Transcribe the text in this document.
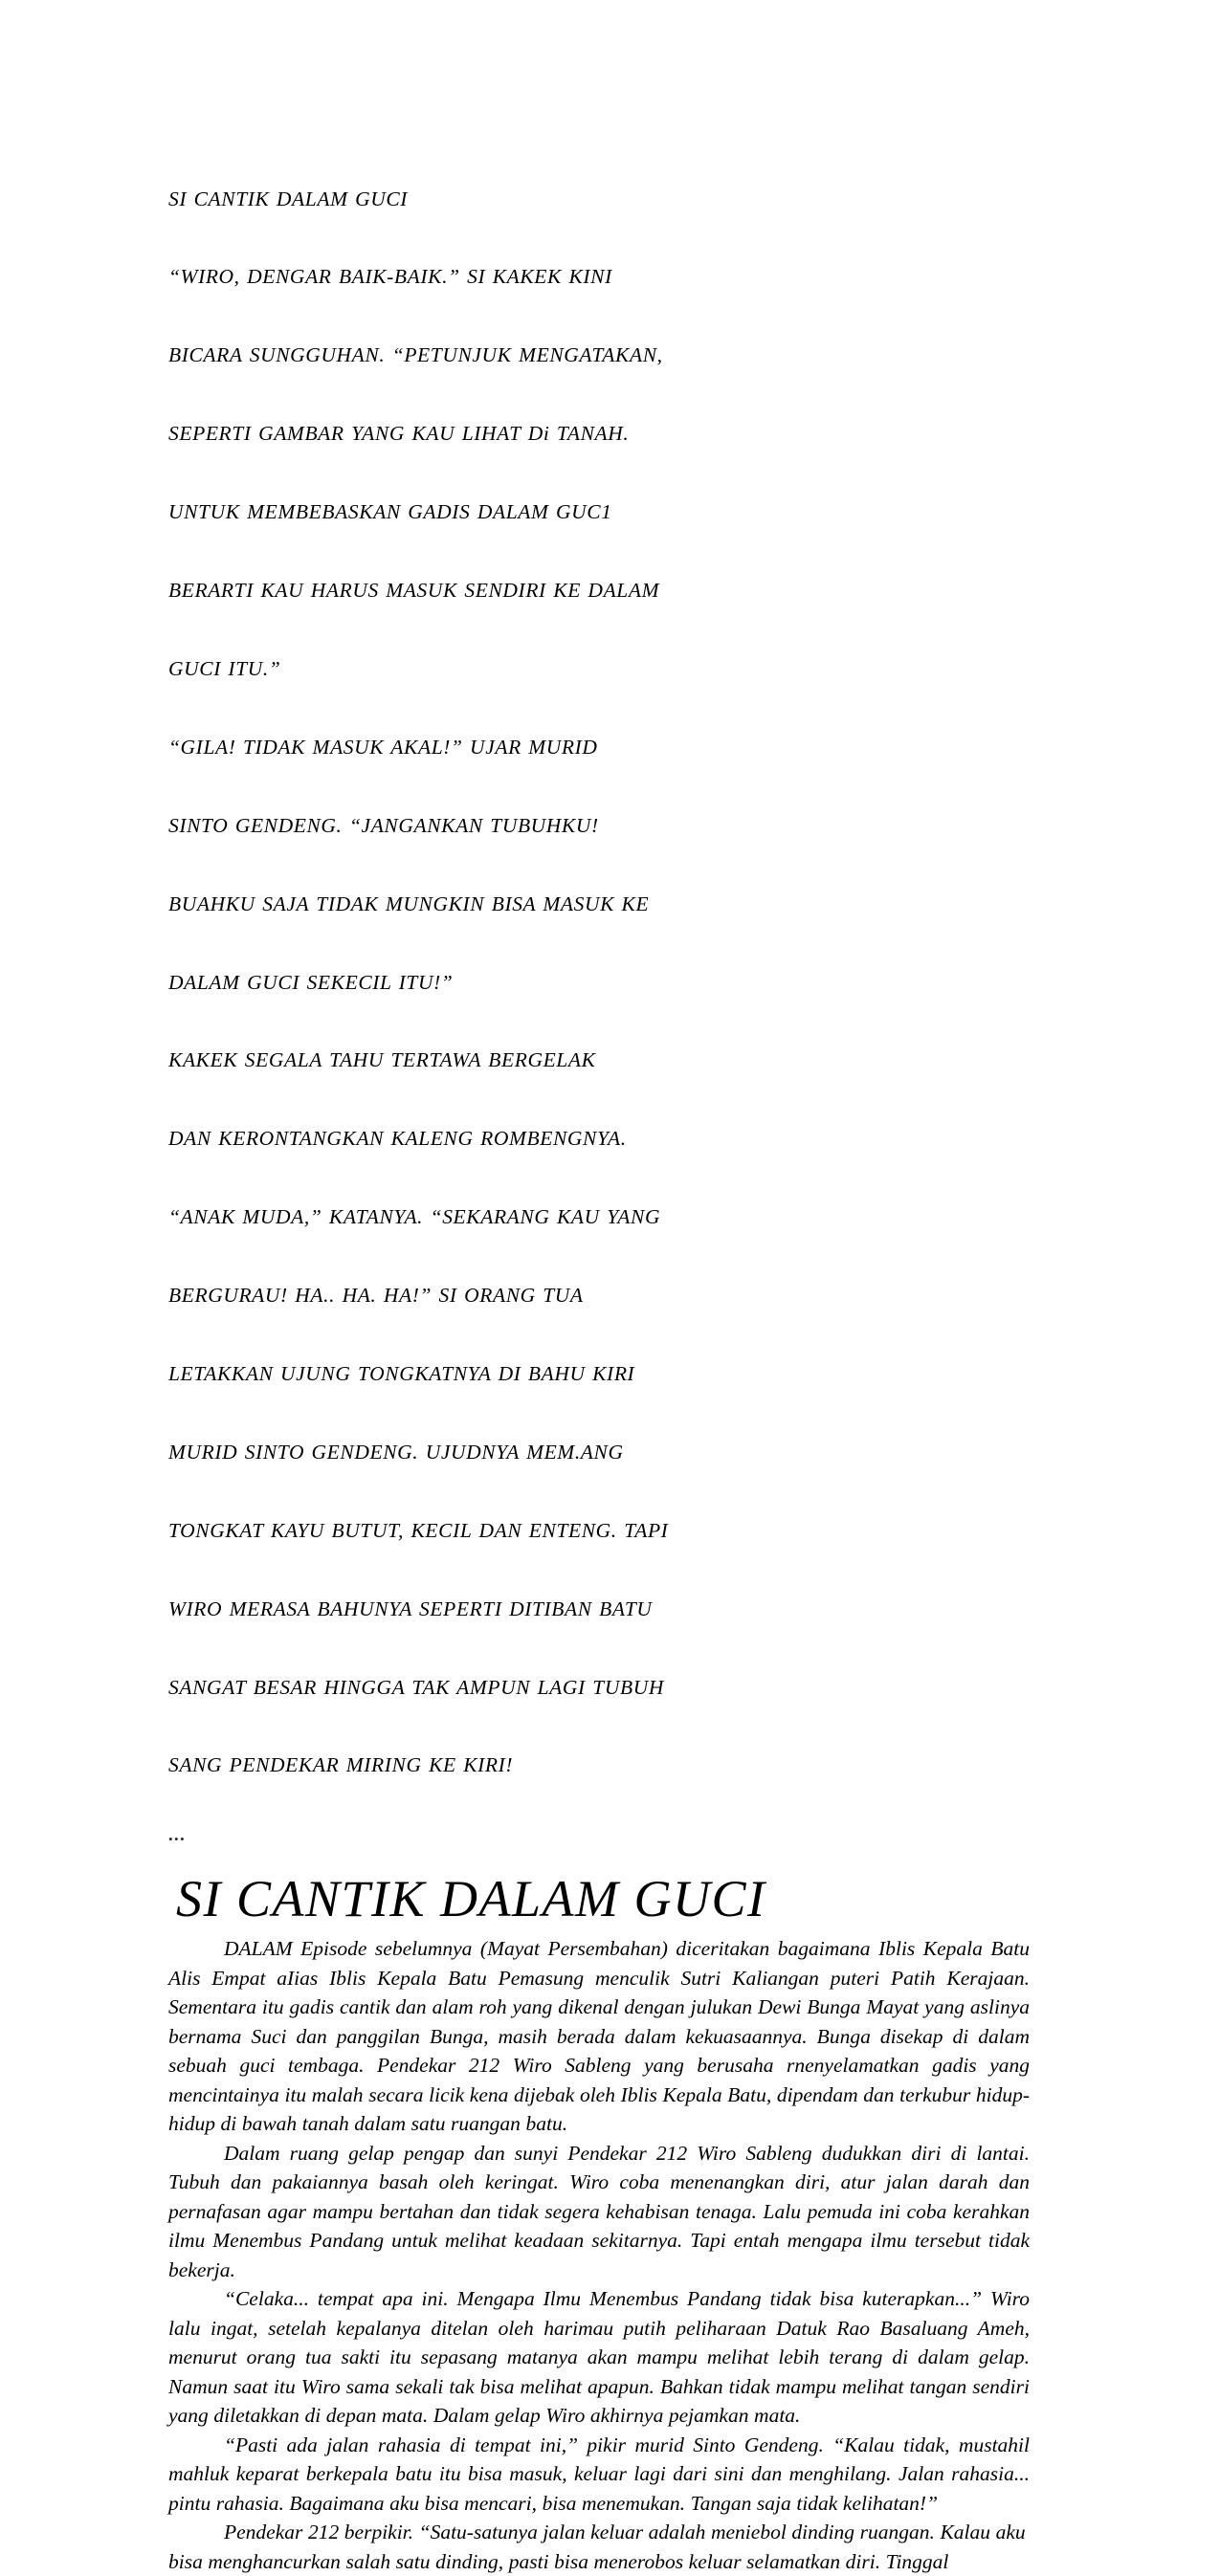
SI CANTIK DALAM GUCI

“WIRO, DENGAR BAIK-BAIK.” SI KAKEK KINI

BICARA SUNGGUHAN. “PETUNJUK MENGATAKAN,

SEPERTI GAMBAR YANG KAU LIHAT Di TANAH.

UNTUK MEMBEBASKAN GADIS DALAM GUC1

BERARTI KAU HARUS MASUK SENDIRI KE DALAM

GUCI ITU.”

“GILA! TIDAK MASUK AKAL!” UJAR MURID

SINTO GENDENG. “JANGANKAN TUBUHKU!

BUAHKU SAJA TIDAK MUNGKIN BISA MASUK KE

DALAM GUCI SEKECIL ITU!”

KAKEK SEGALA TAHU TERTAWA BERGELAK

DAN KERONTANGKAN KALENG ROMBENGNYA.

“ANAK MUDA,” KATANYA. “SEKARANG KAU YANG

BERGURAU! HA.. HA. HA!” SI ORANG TUA

LETAKKAN UJUNG TONGKATNYA DI BAHU KIRI

MURID SINTO GENDENG. UJUDNYA MEM.ANG

TONGKAT KAYU BUTUT, KECIL DAN ENTENG. TAPI

WIRO MERASA BAHUNYA SEPERTI DITIBAN BATU

SANGAT BESAR HINGGA TAK AMPUN LAGI TUBUH

SANG PENDEKAR MIRING KE KIRI!

•••
SI CANTIK DALAM GUCI

DALAM Episode sebelumnya (Mayat Persembahan) diceritakan bagaimana Iblis Kepala Batu Alis Empat aIias Iblis Kepala Batu Pemasung menculik Sutri Kaliangan puteri Patih Kerajaan. Sementara itu gadis cantik dan alam roh yang dikenal dengan julukan Dewi Bunga Mayat yang aslinya bernama Suci dan panggilan Bunga, masih berada dalam kekuasaannya. Bunga disekap di dalam sebuah guci tembaga. Pendekar 212 Wiro Sableng yang berusaha rnenyelamatkan gadis yang mencintainya itu malah secara licik kena dijebak oleh Iblis Kepala Batu, dipendam dan terkubur hidup-hidup di bawah tanah dalam satu ruangan batu.

Dalam ruang gelap pengap dan sunyi Pendekar 212 Wiro Sableng dudukkan diri di lantai. Tubuh dan pakaiannya basah oleh keringat. Wiro coba menenangkan diri, atur jalan darah dan pernafasan agar mampu bertahan dan tidak segera kehabisan tenaga. Lalu pemuda ini coba kerahkan ilmu Menembus Pandang untuk melihat keadaan sekitarnya. Tapi entah mengapa ilmu tersebut tidak bekerja.

“Celaka... tempat apa ini. Mengapa Ilmu Menembus Pandang tidak bisa kuterapkan...” Wiro lalu ingat, setelah kepalanya ditelan oleh harimau putih peliharaan Datuk Rao Basaluang Ameh, menurut orang tua sakti itu sepasang matanya akan mampu melihat lebih terang di dalam gelap. Namun saat itu Wiro sama sekali tak bisa melihat apapun. Bahkan tidak mampu melihat tangan sendiri yang diletakkan di depan mata. Dalam gelap Wiro akhirnya pejamkan mata.

“Pasti ada jalan rahasia di tempat ini,” pikir murid Sinto Gendeng. “Kalau tidak, mustahil mahluk keparat berkepala batu itu bisa masuk, keluar lagi dari sini dan menghilang. Jalan rahasia... pintu rahasia. Bagaimana aku bisa mencari, bisa menemukan. Tangan saja tidak kelihatan!”

Pendekar 212 berpikir. “Satu-satunya jalan keluar adalah meniebol dinding ruangan. Kalau aku bisa menghancurkan salah satu dinding, pasti bisa menerobos keluar selamatkan diri. Tinggal
